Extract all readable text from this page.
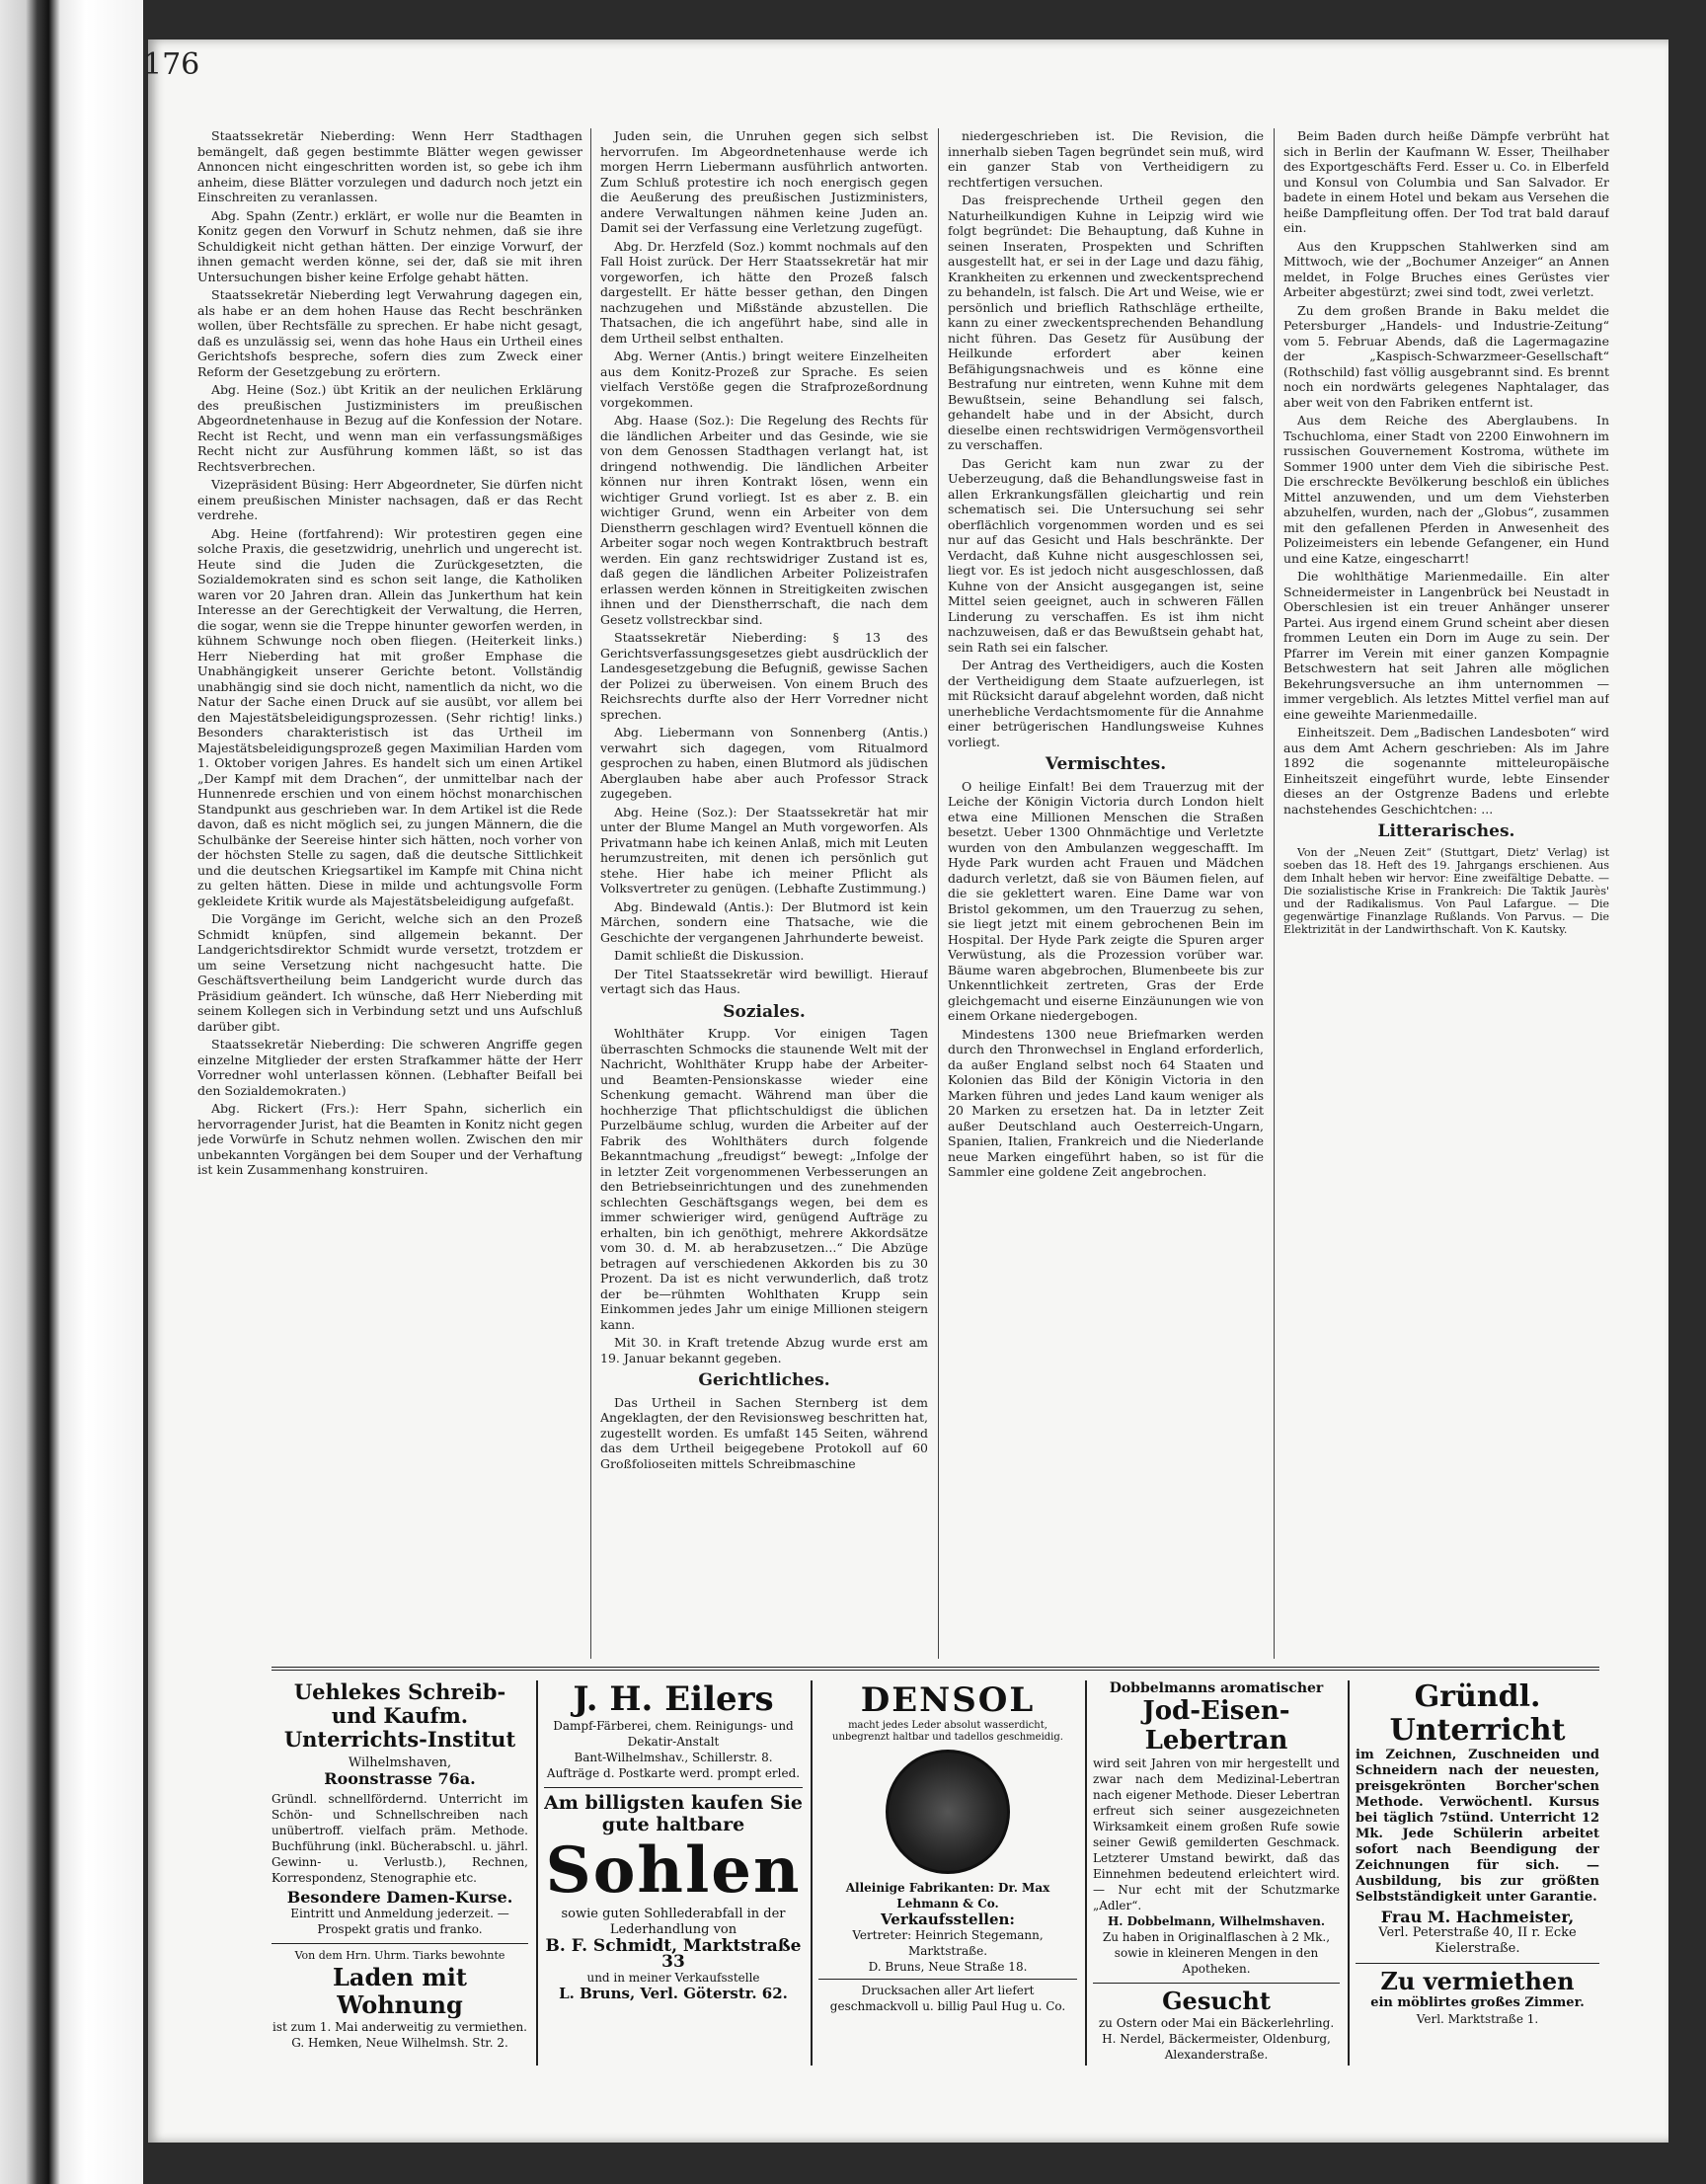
176

Staatssekretär Nieberding: Wenn Herr Stadthagen bemängelt, daß gegen bestimmte Blätter wegen gewisser Annoncen nicht eingeschritten worden ist, so gebe ich ihm anheim, diese Blätter vorzulegen und dadurch noch jetzt ein Einschreiten zu veranlassen.

Abg. Spahn (Zentr.) erklärt, er wolle nur die Beamten in Konitz gegen den Vorwurf in Schutz nehmen, daß sie ihre Schuldigkeit nicht gethan hätten. Der einzige Vorwurf, der ihnen gemacht werden könne, sei der, daß sie mit ihren Untersuchungen bisher keine Erfolge gehabt hätten.

Staatssekretär Nieberding legt Verwahrung dagegen ein, als habe er an dem hohen Hause das Recht beschränken wollen, über Rechtsfälle zu sprechen. Er habe nicht gesagt, daß es unzulässig sei, wenn das hohe Haus ein Urtheil eines Gerichtshofs bespreche, sofern dies zum Zweck einer Reform der Gesetzgebung zu erörtern.

Abg. Heine (Soz.) übt Kritik an der neulichen Erklärung des preußischen Justizministers im preußischen Abgeordnetenhause in Bezug auf die Konfession der Notare. Recht ist Recht, und wenn man ein verfassungsmäßiges Recht nicht zur Ausführung kommen läßt, so ist das Rechtsverbrechen.

Vizepräsident Büsing: Herr Abgeordneter, Sie dürfen nicht einem preußischen Minister nachsagen, daß er das Recht verdrehe.

Abg. Heine (fortfahrend): Wir protestiren gegen eine solche Praxis, die gesetzwidrig, unehrlich und ungerecht ist. Heute sind die Juden die Zurückgesetzten, die Sozialdemokraten sind es schon seit lange, die Katholiken waren vor 20 Jahren dran. Allein das Junkerthum hat kein Interesse an der Gerechtigkeit der Verwaltung, die Herren, die sogar, wenn sie die Treppe hinunter geworfen werden, in kühnem Schwunge noch oben fliegen. (Heiterkeit links.) Herr Nieberding hat mit großer Emphase die Unabhängigkeit unserer Gerichte betont. Vollständig unabhängig sind sie doch nicht, namentlich da nicht, wo die Natur der Sache einen Druck auf sie ausübt, vor allem bei den Majestätsbeleidigungsprozessen. (Sehr richtig! links.) Besonders charakteristisch ist das Urtheil im Majestätsbeleidigungsprozeß gegen Maximilian Harden vom 1. Oktober vorigen Jahres. Es handelt sich um einen Artikel „Der Kampf mit dem Drachen“, der unmittelbar nach der Hunnenrede erschien und von einem höchst monarchischen Standpunkt aus geschrieben war. In dem Artikel ist die Rede davon, daß es nicht möglich sei, zu jungen Männern, die die Schulbänke der Seereise hinter sich hätten, noch vorher von der höchsten Stelle zu sagen, daß die deutsche Sittlichkeit und die deutschen Kriegsartikel im Kampfe mit China nicht zu gelten hätten. Diese in milde und achtungsvolle Form gekleidete Kritik wurde als Majestätsbeleidigung aufgefaßt.

Die Vorgänge im Gericht, welche sich an den Prozeß Schmidt knüpfen, sind allgemein bekannt. Der Landgerichtsdirektor Schmidt wurde versetzt, trotzdem er um seine Versetzung nicht nachgesucht hatte. Die Geschäftsvertheilung beim Landgericht wurde durch das Präsidium geändert. Ich wünsche, daß Herr Nieberding mit seinem Kollegen sich in Verbindung setzt und uns Aufschluß darüber gibt.

Staatssekretär Nieberding: Die schweren Angriffe gegen einzelne Mitglieder der ersten Strafkammer hätte der Herr Vorredner wohl unterlassen können. (Lebhafter Beifall bei den Sozialdemokraten.)

Abg. Rickert (Frs.): Herr Spahn, sicherlich ein hervorragender Jurist, hat die Beamten in Konitz nicht gegen jede Vorwürfe in Schutz nehmen wollen. Zwischen den mir unbekannten Vorgängen bei dem Souper und der Verhaftung ist kein Zusammenhang konstruiren.

Juden sein, die Unruhen gegen sich selbst hervorrufen. Im Abgeordnetenhause werde ich morgen Herrn Liebermann ausführlich antworten. Zum Schluß protestire ich noch energisch gegen die Aeußerung des preußischen Justizministers, andere Verwaltungen nähmen keine Juden an. Damit sei der Verfassung eine Verletzung zugefügt.

Abg. Dr. Herzfeld (Soz.) kommt nochmals auf den Fall Hoist zurück. Der Herr Staatssekretär hat mir vorgeworfen, ich hätte den Prozeß falsch dargestellt. Er hätte besser gethan, den Dingen nachzugehen und Mißstände abzustellen. Die Thatsachen, die ich angeführt habe, sind alle in dem Urtheil selbst enthalten.

Abg. Werner (Antis.) bringt weitere Einzelheiten aus dem Konitz-Prozeß zur Sprache. Es seien vielfach Verstöße gegen die Strafprozeßordnung vorgekommen.

Abg. Haase (Soz.): Die Regelung des Rechts für die ländlichen Arbeiter und das Gesinde, wie sie von dem Genossen Stadthagen verlangt hat, ist dringend nothwendig. Die ländlichen Arbeiter können nur ihren Kontrakt lösen, wenn ein wichtiger Grund vorliegt. Ist es aber z. B. ein wichtiger Grund, wenn ein Arbeiter von dem Dienstherrn geschlagen wird? Eventuell können die Arbeiter sogar noch wegen Kontraktbruch bestraft werden. Ein ganz rechtswidriger Zustand ist es, daß gegen die ländlichen Arbeiter Polizeistrafen erlassen werden können in Streitigkeiten zwischen ihnen und der Dienstherrschaft, die nach dem Gesetz vollstreckbar sind.

Staatssekretär Nieberding: § 13 des Gerichtsverfassungsgesetzes giebt ausdrücklich der Landesgesetzgebung die Befugniß, gewisse Sachen der Polizei zu überweisen. Von einem Bruch des Reichsrechts durfte also der Herr Vorredner nicht sprechen.

Abg. Liebermann von Sonnenberg (Antis.) verwahrt sich dagegen, vom Ritualmord gesprochen zu haben, einen Blutmord als jüdischen Aberglauben habe aber auch Professor Strack zugegeben.

Abg. Heine (Soz.): Der Staatssekretär hat mir unter der Blume Mangel an Muth vorgeworfen. Als Privatmann habe ich keinen Anlaß, mich mit Leuten herumzustreiten, mit denen ich persönlich gut stehe. Hier habe ich meiner Pflicht als Volksvertreter zu genügen. (Lebhafte Zustimmung.)

Abg. Bindewald (Antis.): Der Blutmord ist kein Märchen, sondern eine Thatsache, wie die Geschichte der vergangenen Jahrhunderte beweist.

Damit schließt die Diskussion.

Der Titel Staatssekretär wird bewilligt. Hierauf vertagt sich das Haus.

Soziales.

Wohlthäter Krupp. Vor einigen Tagen überraschten Schmocks die staunende Welt mit der Nachricht, Wohlthäter Krupp habe der Arbeiter- und Beamten-Pensionskasse wieder eine Schenkung gemacht. Während man über die hochherzige That pflichtschuldigst die üblichen Purzelbäume schlug, wurden die Arbeiter auf der Fabrik des Wohlthäters durch folgende Bekanntmachung „freudigst“ bewegt: „Infolge der in letzter Zeit vorgenommenen Verbesserungen an den Betriebseinrichtungen und des zunehmenden schlechten Geschäftsgangs wegen, bei dem es immer schwieriger wird, genügend Aufträge zu erhalten, bin ich genöthigt, mehrere Akkordsätze vom 30. d. M. ab herabzusetzen...“ Die Abzüge betragen auf verschiedenen Akkorden bis zu 30 Prozent. Da ist es nicht verwunderlich, daß trotz der be—rühmten Wohlthaten Krupp sein Einkommen jedes Jahr um einige Millionen steigern kann.

Mit 30. in Kraft tretende Abzug wurde erst am 19. Januar bekannt gegeben.

Gerichtliches.

Das Urtheil in Sachen Sternberg ist dem Angeklagten, der den Revisionsweg beschritten hat, zugestellt worden. Es umfaßt 145 Seiten, während das dem Urtheil beigegebene Protokoll auf 60 Großfolioseiten mittels Schreibmaschine

niedergeschrieben ist. Die Revision, die innerhalb sieben Tagen begründet sein muß, wird ein ganzer Stab von Vertheidigern zu rechtfertigen versuchen.

Das freisprechende Urtheil gegen den Naturheilkundigen Kuhne in Leipzig wird wie folgt begründet: Die Behauptung, daß Kuhne in seinen Inseraten, Prospekten und Schriften ausgestellt hat, er sei in der Lage und dazu fähig, Krankheiten zu erkennen und zweckentsprechend zu behandeln, ist falsch. Die Art und Weise, wie er persönlich und brieflich Rathschläge ertheilte, kann zu einer zweckentsprechenden Behandlung nicht führen. Das Gesetz für Ausübung der Heilkunde erfordert aber keinen Befähigungsnachweis und es könne eine Bestrafung nur eintreten, wenn Kuhne mit dem Bewußtsein, seine Behandlung sei falsch, gehandelt habe und in der Absicht, durch dieselbe einen rechtswidrigen Vermögensvortheil zu verschaffen.

Das Gericht kam nun zwar zu der Ueberzeugung, daß die Behandlungsweise fast in allen Erkrankungsfällen gleichartig und rein schematisch sei. Die Untersuchung sei sehr oberflächlich vorgenommen worden und es sei nur auf das Gesicht und Hals beschränkte. Der Verdacht, daß Kuhne nicht ausgeschlossen sei, liegt vor. Es ist jedoch nicht ausgeschlossen, daß Kuhne von der Ansicht ausgegangen ist, seine Mittel seien geeignet, auch in schweren Fällen Linderung zu verschaffen. Es ist ihm nicht nachzuweisen, daß er das Bewußtsein gehabt hat, sein Rath sei ein falscher.

Der Antrag des Vertheidigers, auch die Kosten der Vertheidigung dem Staate aufzuerlegen, ist mit Rücksicht darauf abgelehnt worden, daß nicht unerhebliche Verdachtsmomente für die Annahme einer betrügerischen Handlungsweise Kuhnes vorliegt.

Vermischtes.

O heilige Einfalt! Bei dem Trauerzug mit der Leiche der Königin Victoria durch London hielt etwa eine Millionen Menschen die Straßen besetzt. Ueber 1300 Ohnmächtige und Verletzte wurden von den Ambulanzen weggeschafft. Im Hyde Park wurden acht Frauen und Mädchen dadurch verletzt, daß sie von Bäumen fielen, auf die sie geklettert waren. Eine Dame war von Bristol gekommen, um den Trauerzug zu sehen, sie liegt jetzt mit einem gebrochenen Bein im Hospital. Der Hyde Park zeigte die Spuren arger Verwüstung, als die Prozession vorüber war. Bäume waren abgebrochen, Blumenbeete bis zur Unkenntlichkeit zertreten, Gras der Erde gleichgemacht und eiserne Einzäunungen wie von einem Orkane niedergebogen.

Mindestens 1300 neue Briefmarken werden durch den Thronwechsel in England erforderlich, da außer England selbst noch 64 Staaten und Kolonien das Bild der Königin Victoria in den Marken führen und jedes Land kaum weniger als 20 Marken zu ersetzen hat. Da in letzter Zeit außer Deutschland auch Oesterreich-Ungarn, Spanien, Italien, Frankreich und die Niederlande neue Marken eingeführt haben, so ist für die Sammler eine goldene Zeit angebrochen.

Beim Baden durch heiße Dämpfe verbrüht hat sich in Berlin der Kaufmann W. Esser, Theilhaber des Exportgeschäfts Ferd. Esser u. Co. in Elberfeld und Konsul von Columbia und San Salvador. Er badete in einem Hotel und bekam aus Versehen die heiße Dampfleitung offen. Der Tod trat bald darauf ein.

Aus den Kruppschen Stahlwerken sind am Mittwoch, wie der „Bochumer Anzeiger“ an Annen meldet, in Folge Bruches eines Gerüstes vier Arbeiter abgestürzt; zwei sind todt, zwei verletzt.

Zu dem großen Brande in Baku meldet die Petersburger „Handels- und Industrie-Zeitung“ vom 5. Februar Abends, daß die Lagermagazine der „Kaspisch-Schwarzmeer-Gesellschaft“ (Rothschild) fast völlig ausgebrannt sind. Es brennt noch ein nordwärts gelegenes Naphtalager, das aber weit von den Fabriken entfernt ist.

Aus dem Reiche des Aberglaubens. In Tschuchloma, einer Stadt von 2200 Einwohnern im russischen Gouvernement Kostroma, wüthete im Sommer 1900 unter dem Vieh die sibirische Pest. Die erschreckte Bevölkerung beschloß ein übliches Mittel anzuwenden, und um dem Viehsterben abzuhelfen, wurden, nach der „Globus“, zusammen mit den gefallenen Pferden in Anwesenheit des Polizeimeisters ein lebende Gefangener, ein Hund und eine Katze, eingescharrt!

Die wohlthätige Marienmedaille. Ein alter Schneidermeister in Langenbrück bei Neustadt in Oberschlesien ist ein treuer Anhänger unserer Partei. Aus irgend einem Grund scheint aber diesen frommen Leuten ein Dorn im Auge zu sein. Der Pfarrer im Verein mit einer ganzen Kompagnie Betschwestern hat seit Jahren alle möglichen Bekehrungsversuche an ihm unternommen — immer vergeblich. Als letztes Mittel verfiel man auf eine geweihte Marienmedaille.

Einheitszeit. Dem „Badischen Landesboten“ wird aus dem Amt Achern geschrieben: Als im Jahre 1892 die sogenannte mitteleuropäische Einheitszeit eingeführt wurde, lebte Einsender dieses an der Ostgrenze Badens und erlebte nachstehendes Geschichtchen: ...

Litterarisches.

Von der „Neuen Zeit“ (Stuttgart, Dietz' Verlag) ist soeben das 18. Heft des 19. Jahrgangs erschienen. Aus dem Inhalt heben wir hervor: Eine zweifältige Debatte. — Die sozialistische Krise in Frankreich: Die Taktik Jaurès' und der Radikalismus. Von Paul Lafargue. — Die gegenwärtige Finanzlage Rußlands. Von Parvus. — Die Elektrizität in der Landwirthschaft. Von K. Kautsky.

Uehlekes Schreib- und Kaufm. Unterrichts-Institut
Wilhelmshaven,
Roonstrasse 76a.
Gründl. schnellfördernd. Unterricht im Schön- und Schnellschreiben nach unübertroff. vielfach präm. Methode. Buchführung (inkl. Bücherabschl. u. jährl. Gewinn- u. Verlustb.), Rechnen, Korrespondenz, Stenographie etc.
Besondere Damen-Kurse.
Eintritt und Anmeldung jederzeit. — Prospekt gratis und franko.
Von dem Hrn. Uhrm. Tiarks bewohnte
Laden mit Wohnung
ist zum 1. Mai anderweitig zu vermiethen.
G. Hemken, Neue Wilhelmsh. Str. 2.
J. H. Eilers
Dampf-Färberei, chem. Reinigungs- und Dekatir-Anstalt
Bant-Wilhelmshav., Schillerstr. 8.
Aufträge d. Postkarte werd. prompt erled.
Am billigsten kaufen Sie gute haltbare
Sohlen
sowie guten Sohllederabfall in der Lederhandlung von
B. F. Schmidt, Marktstraße 33
und in meiner Verkaufsstelle
L. Bruns, Verl. Göterstr. 62.
DENSOL
macht jedes Leder absolut wasserdicht, unbegrenzt haltbar und tadellos geschmeidig.
Alleinige Fabrikanten: Dr. Max Lehmann & Co.
Verkaufsstellen:
Vertreter: Heinrich Stegemann, Marktstraße.
D. Bruns, Neue Straße 18.
Drucksachen aller Art liefert geschmackvoll u. billig Paul Hug u. Co.
Dobbelmanns aromatischer
Jod-Eisen-Lebertran
wird seit Jahren von mir hergestellt und zwar nach dem Medizinal-Lebertran nach eigener Methode. Dieser Lebertran erfreut sich seiner ausgezeichneten Wirksamkeit einem großen Rufe sowie seiner Gewiß gemilderten Geschmack. Letzterer Umstand bewirkt, daß das Einnehmen bedeutend erleichtert wird. — Nur echt mit der Schutzmarke „Adler“.
H. Dobbelmann, Wilhelmshaven.
Zu haben in Originalflaschen à 2 Mk., sowie in kleineren Mengen in den Apotheken.
Gesucht
zu Ostern oder Mai ein Bäckerlehrling.
H. Nerdel, Bäckermeister, Oldenburg, Alexanderstraße.
Gründl. Unterricht
im Zeichnen, Zuschneiden und Schneidern nach der neuesten, preisgekrönten Borcher'schen Methode. Verwöchentl. Kursus bei täglich 7stünd. Unterricht 12 Mk. Jede Schülerin arbeitet sofort nach Beendigung der Zeichnungen für sich. — Ausbildung, bis zur größten Selbstständigkeit unter Garantie.
Frau M. Hachmeister,
Verl. Peterstraße 40, II r. Ecke Kielerstraße.
Zu vermiethen
ein möblirtes großes Zimmer.
Verl. Marktstraße 1.
